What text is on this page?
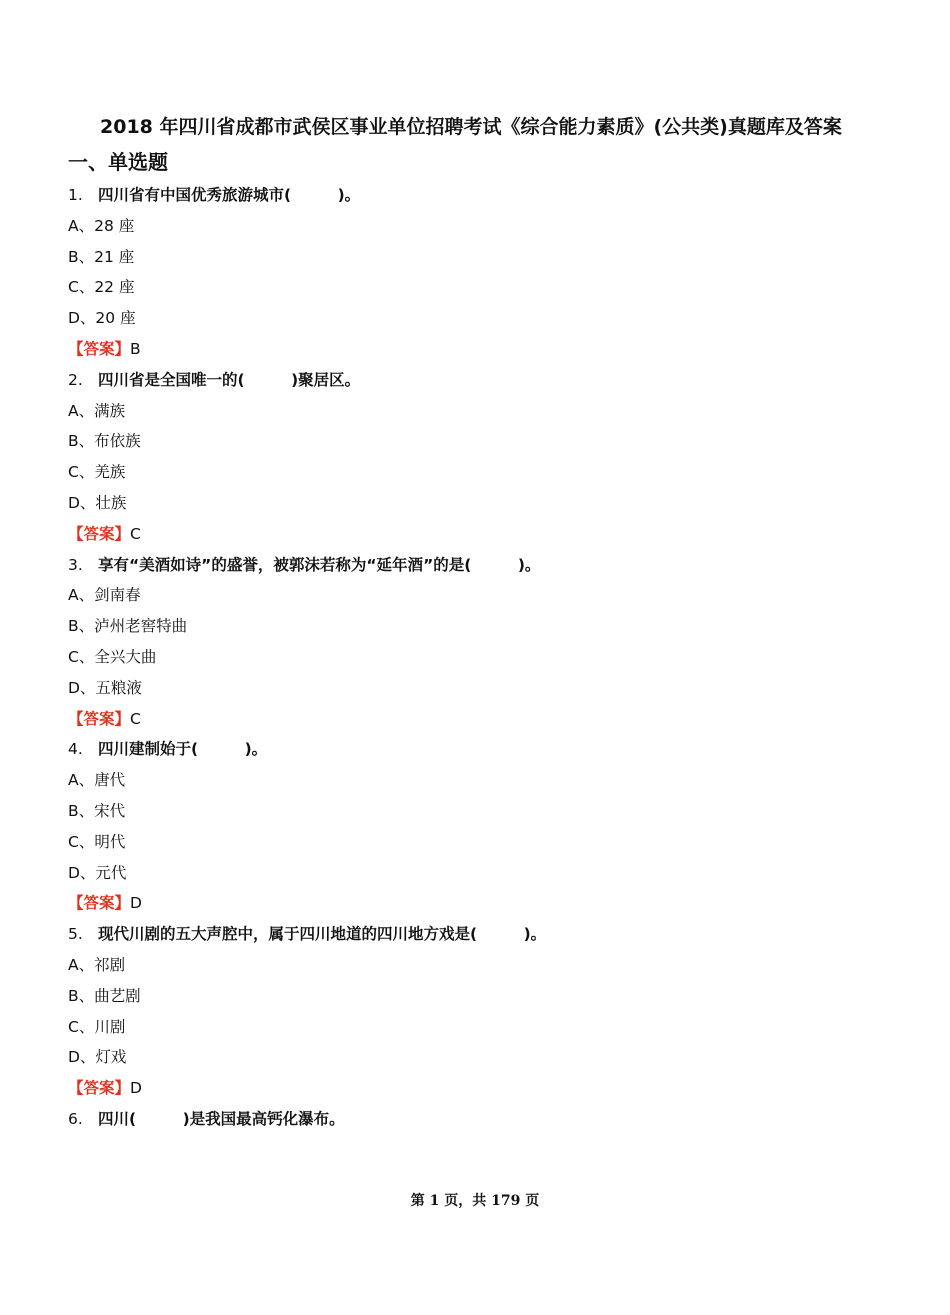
2018 年四川省成都市武侯区事业单位招聘考试《综合能力素质》(公共类)真题库及答案
一、单选题
1. 四川省有中国优秀旅游城市(　　　)。
A、28 座
B、21 座
C、22 座
D、20 座
【答案】B
2. 四川省是全国唯一的(　　　)聚居区。
A、满族
B、布依族
C、羌族
D、壮族
【答案】C
3. 享有“美酒如诗”的盛誉，被郭沫若称为“延年酒”的是(　　　)。
A、剑南春
B、泸州老窖特曲
C、全兴大曲
D、五粮液
【答案】C
4. 四川建制始于(　　　)。
A、唐代
B、宋代
C、明代
D、元代
【答案】D
5. 现代川剧的五大声腔中，属于四川地道的四川地方戏是(　　　)。
A、祁剧
B、曲艺剧
C、川剧
D、灯戏
【答案】D
6. 四川(　　　)是我国最高钙化瀑布。
第 1 页，共 179 页
